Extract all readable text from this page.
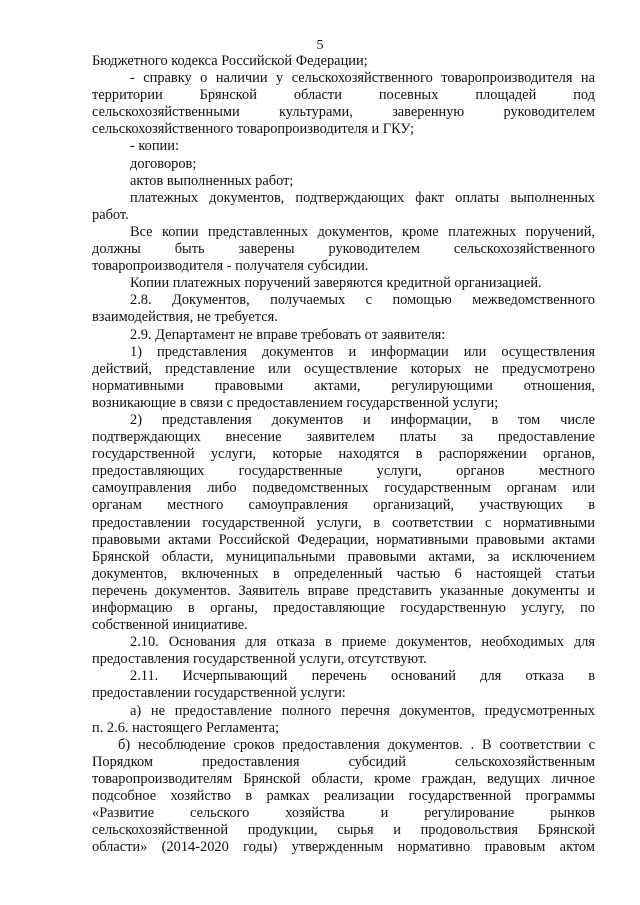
5
Бюджетного кодекса Российской Федерации;
- справку о наличии у сельскохозяйственного товаропроизводителя на
территории Брянской области посевных площадей под
сельскохозяйственными культурами, заверенную руководителем
сельскохозяйственного товаропроизводителя и ГКУ;
- копии:
договоров;
актов выполненных работ;
платежных документов, подтверждающих факт оплаты выполненных
работ.
Все копии представленных документов, кроме платежных поручений,
должны быть заверены руководителем сельскохозяйственного
товаропроизводителя - получателя субсидии.
Копии платежных поручений заверяются кредитной организацией.
2.8. Документов, получаемых с помощью межведомственного
взаимодействия, не требуется.
2.9. Департамент не вправе требовать от заявителя:
1) представления документов и информации или осуществления
действий, представление или осуществление которых не предусмотрено
нормативными правовыми актами, регулирующими отношения,
возникающие в связи с предоставлением государственной услуги;
2) представления документов и информации, в том числе
подтверждающих внесение заявителем платы за предоставление
государственной услуги, которые находятся в распоряжении органов,
предоставляющих государственные услуги, органов местного
самоуправления либо подведомственных государственным органам или
органам местного самоуправления организаций, участвующих в
предоставлении государственной услуги, в соответствии с нормативными
правовыми актами Российской Федерации, нормативными правовыми актами
Брянской области, муниципальными правовыми актами, за исключением
документов, включенных в определенный частью 6 настоящей статьи
перечень документов. Заявитель вправе представить указанные документы и
информацию в органы, предоставляющие государственную услугу, по
собственной инициативе.
2.10. Основания для отказа в приеме документов, необходимых для
предоставления государственной услуги, отсутствуют.
2.11. Исчерпывающий перечень оснований для отказа в
предоставлении государственной услуги:
а) не предоставление полного перечня документов, предусмотренных
п. 2.6. настоящего Регламента;
б) несоблюдение сроков предоставления документов. . В соответствии с
Порядком предоставления субсидий сельскохозяйственным
товаропроизводителям Брянской области, кроме граждан, ведущих личное
подсобное хозяйство в рамках реализации государственной программы
«Развитие сельского хозяйства и регулирование рынков
сельскохозяйственной продукции, сырья и продовольствия Брянской
области» (2014-2020 годы) утвержденным нормативно правовым актом
